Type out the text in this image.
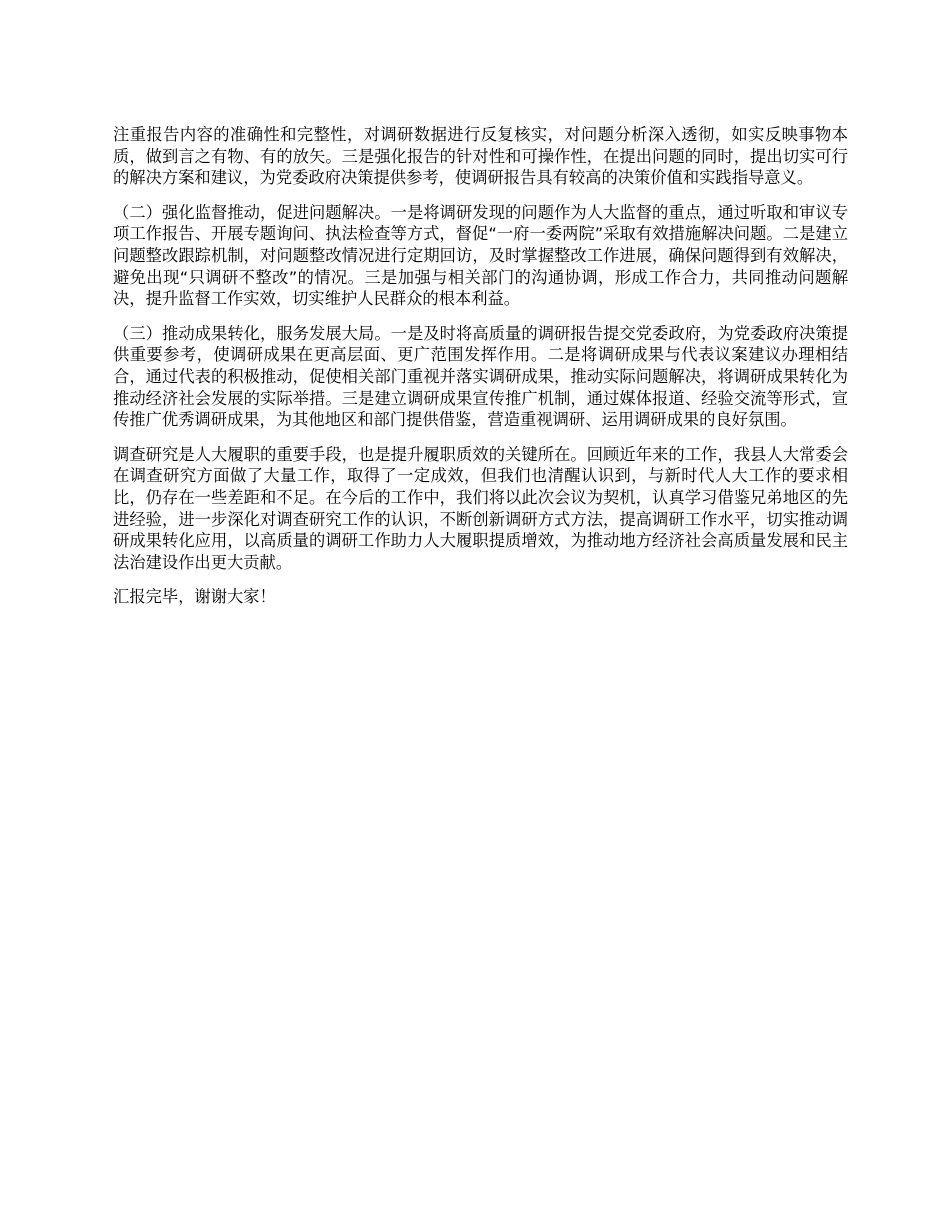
注重报告内容的准确性和完整性，对调研数据进行反复核实，对问题分析深入透彻，如实反映事物本质，做到言之有物、有的放矢。三是强化报告的针对性和可操作性，在提出问题的同时，提出切实可行的解决方案和建议，为党委政府决策提供参考，使调研报告具有较高的决策价值和实践指导意义。

（二）强化监督推动，促进问题解决。一是将调研发现的问题作为人大监督的重点，通过听取和审议专项工作报告、开展专题询问、执法检查等方式，督促“一府一委两院”采取有效措施解决问题。二是建立问题整改跟踪机制，对问题整改情况进行定期回访，及时掌握整改工作进展，确保问题得到有效解决，避免出现“只调研不整改”的情况。三是加强与相关部门的沟通协调，形成工作合力，共同推动问题解决，提升监督工作实效，切实维护人民群众的根本利益。

（三）推动成果转化，服务发展大局。一是及时将高质量的调研报告提交党委政府，为党委政府决策提供重要参考，使调研成果在更高层面、更广范围发挥作用。二是将调研成果与代表议案建议办理相结合，通过代表的积极推动，促使相关部门重视并落实调研成果，推动实际问题解决，将调研成果转化为推动经济社会发展的实际举措。三是建立调研成果宣传推广机制，通过媒体报道、经验交流等形式，宣传推广优秀调研成果，为其他地区和部门提供借鉴，营造重视调研、运用调研成果的良好氛围。

调查研究是人大履职的重要手段，也是提升履职质效的关键所在。回顾近年来的工作，我县人大常委会在调查研究方面做了大量工作，取得了一定成效，但我们也清醒认识到，与新时代人大工作的要求相比，仍存在一些差距和不足。在今后的工作中，我们将以此次会议为契机，认真学习借鉴兄弟地区的先进经验，进一步深化对调查研究工作的认识，不断创新调研方式方法，提高调研工作水平，切实推动调研成果转化应用，以高质量的调研工作助力人大履职提质增效，为推动地方经济社会高质量发展和民主法治建设作出更大贡献。

汇报完毕，谢谢大家！
